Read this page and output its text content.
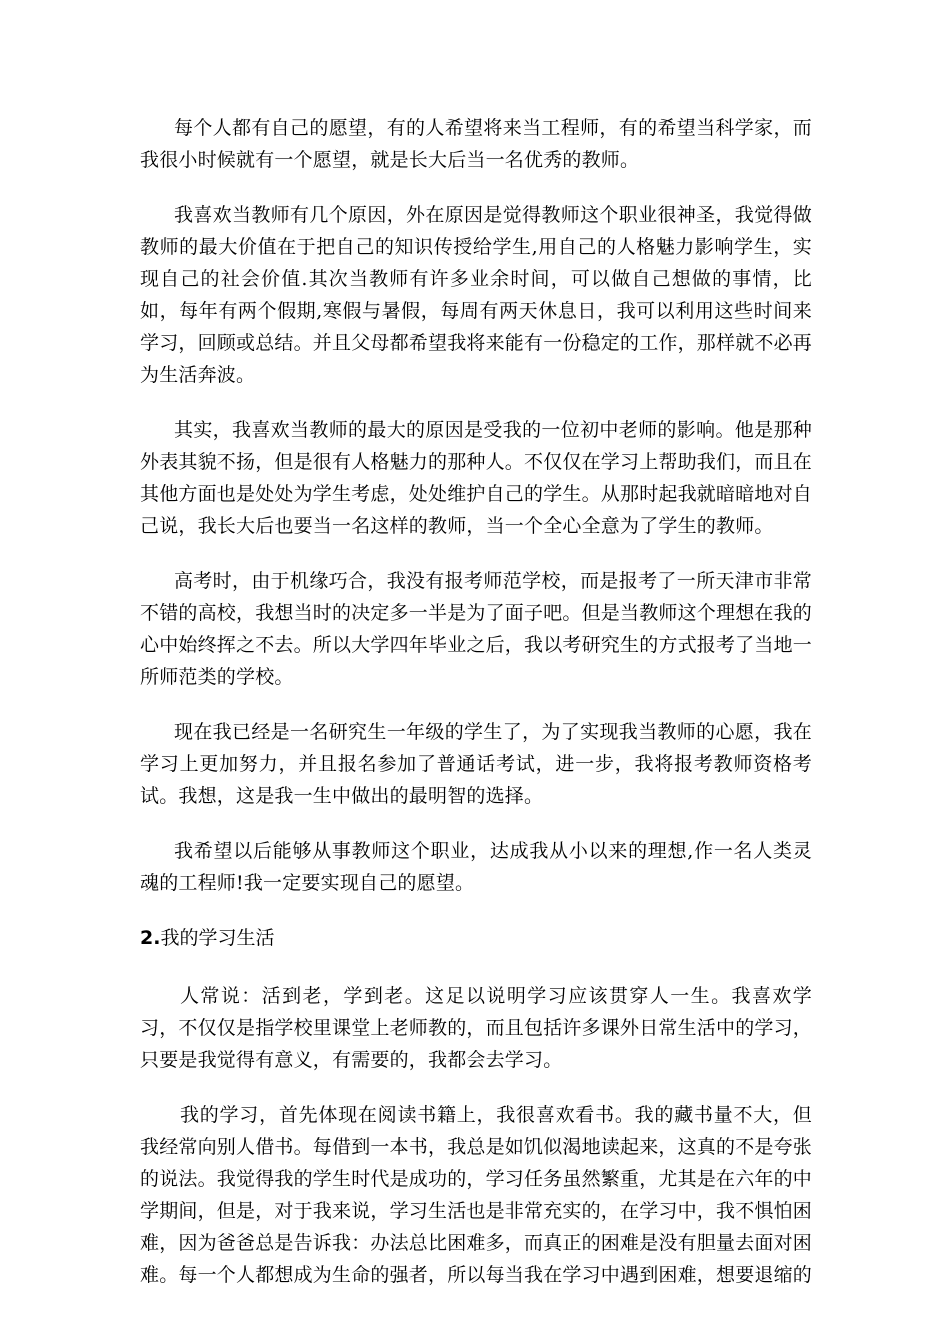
每个人都有自己的愿望，有的人希望将来当工程师，有的希望当科学家，而我很小时候就有一个愿望，就是长大后当一名优秀的教师。

我喜欢当教师有几个原因，外在原因是觉得教师这个职业很神圣，我觉得做教师的最大价值在于把自己的知识传授给学生,用自己的人格魅力影响学生，实现自己的社会价值.其次当教师有许多业余时间，可以做自己想做的事情，比如，每年有两个假期,寒假与暑假，每周有两天休息日，我可以利用这些时间来学习，回顾或总结。并且父母都希望我将来能有一份稳定的工作，那样就不必再为生活奔波。

其实，我喜欢当教师的最大的原因是受我的一位初中老师的影响。他是那种外表其貌不扬，但是很有人格魅力的那种人。不仅仅在学习上帮助我们，而且在其他方面也是处处为学生考虑，处处维护自己的学生。从那时起我就暗暗地对自己说，我长大后也要当一名这样的教师，当一个全心全意为了学生的教师。

高考时，由于机缘巧合，我没有报考师范学校，而是报考了一所天津市非常不错的高校，我想当时的决定多一半是为了面子吧。但是当教师这个理想在我的心中始终挥之不去。所以大学四年毕业之后，我以考研究生的方式报考了当地一所师范类的学校。

现在我已经是一名研究生一年级的学生了，为了实现我当教师的心愿，我在学习上更加努力，并且报名参加了普通话考试，进一步，我将报考教师资格考试。我想，这是我一生中做出的最明智的选择。

我希望以后能够从事教师这个职业，达成我从小以来的理想,作一名人类灵魂的工程师!我一定要实现自己的愿望。

2.我的学习生活

人常说：活到老，学到老。这足以说明学习应该贯穿人一生。我喜欢学习，不仅仅是指学校里课堂上老师教的，而且包括许多课外日常生活中的学习，只要是我觉得有意义，有需要的，我都会去学习。

我的学习，首先体现在阅读书籍上，我很喜欢看书。我的藏书量不大，但我经常向别人借书。每借到一本书，我总是如饥似渴地读起来，这真的不是夸张的说法。我觉得我的学生时代是成功的，学习任务虽然繁重，尤其是在六年的中学期间，但是，对于我来说，学习生活也是非常充实的，在学习中，我不惧怕困难，因为爸爸总是告诉我：办法总比困难多，而真正的困难是没有胆量去面对困难。每一个人都想成为生命的强者，所以每当我在学习中遇到困难，想要退缩的
